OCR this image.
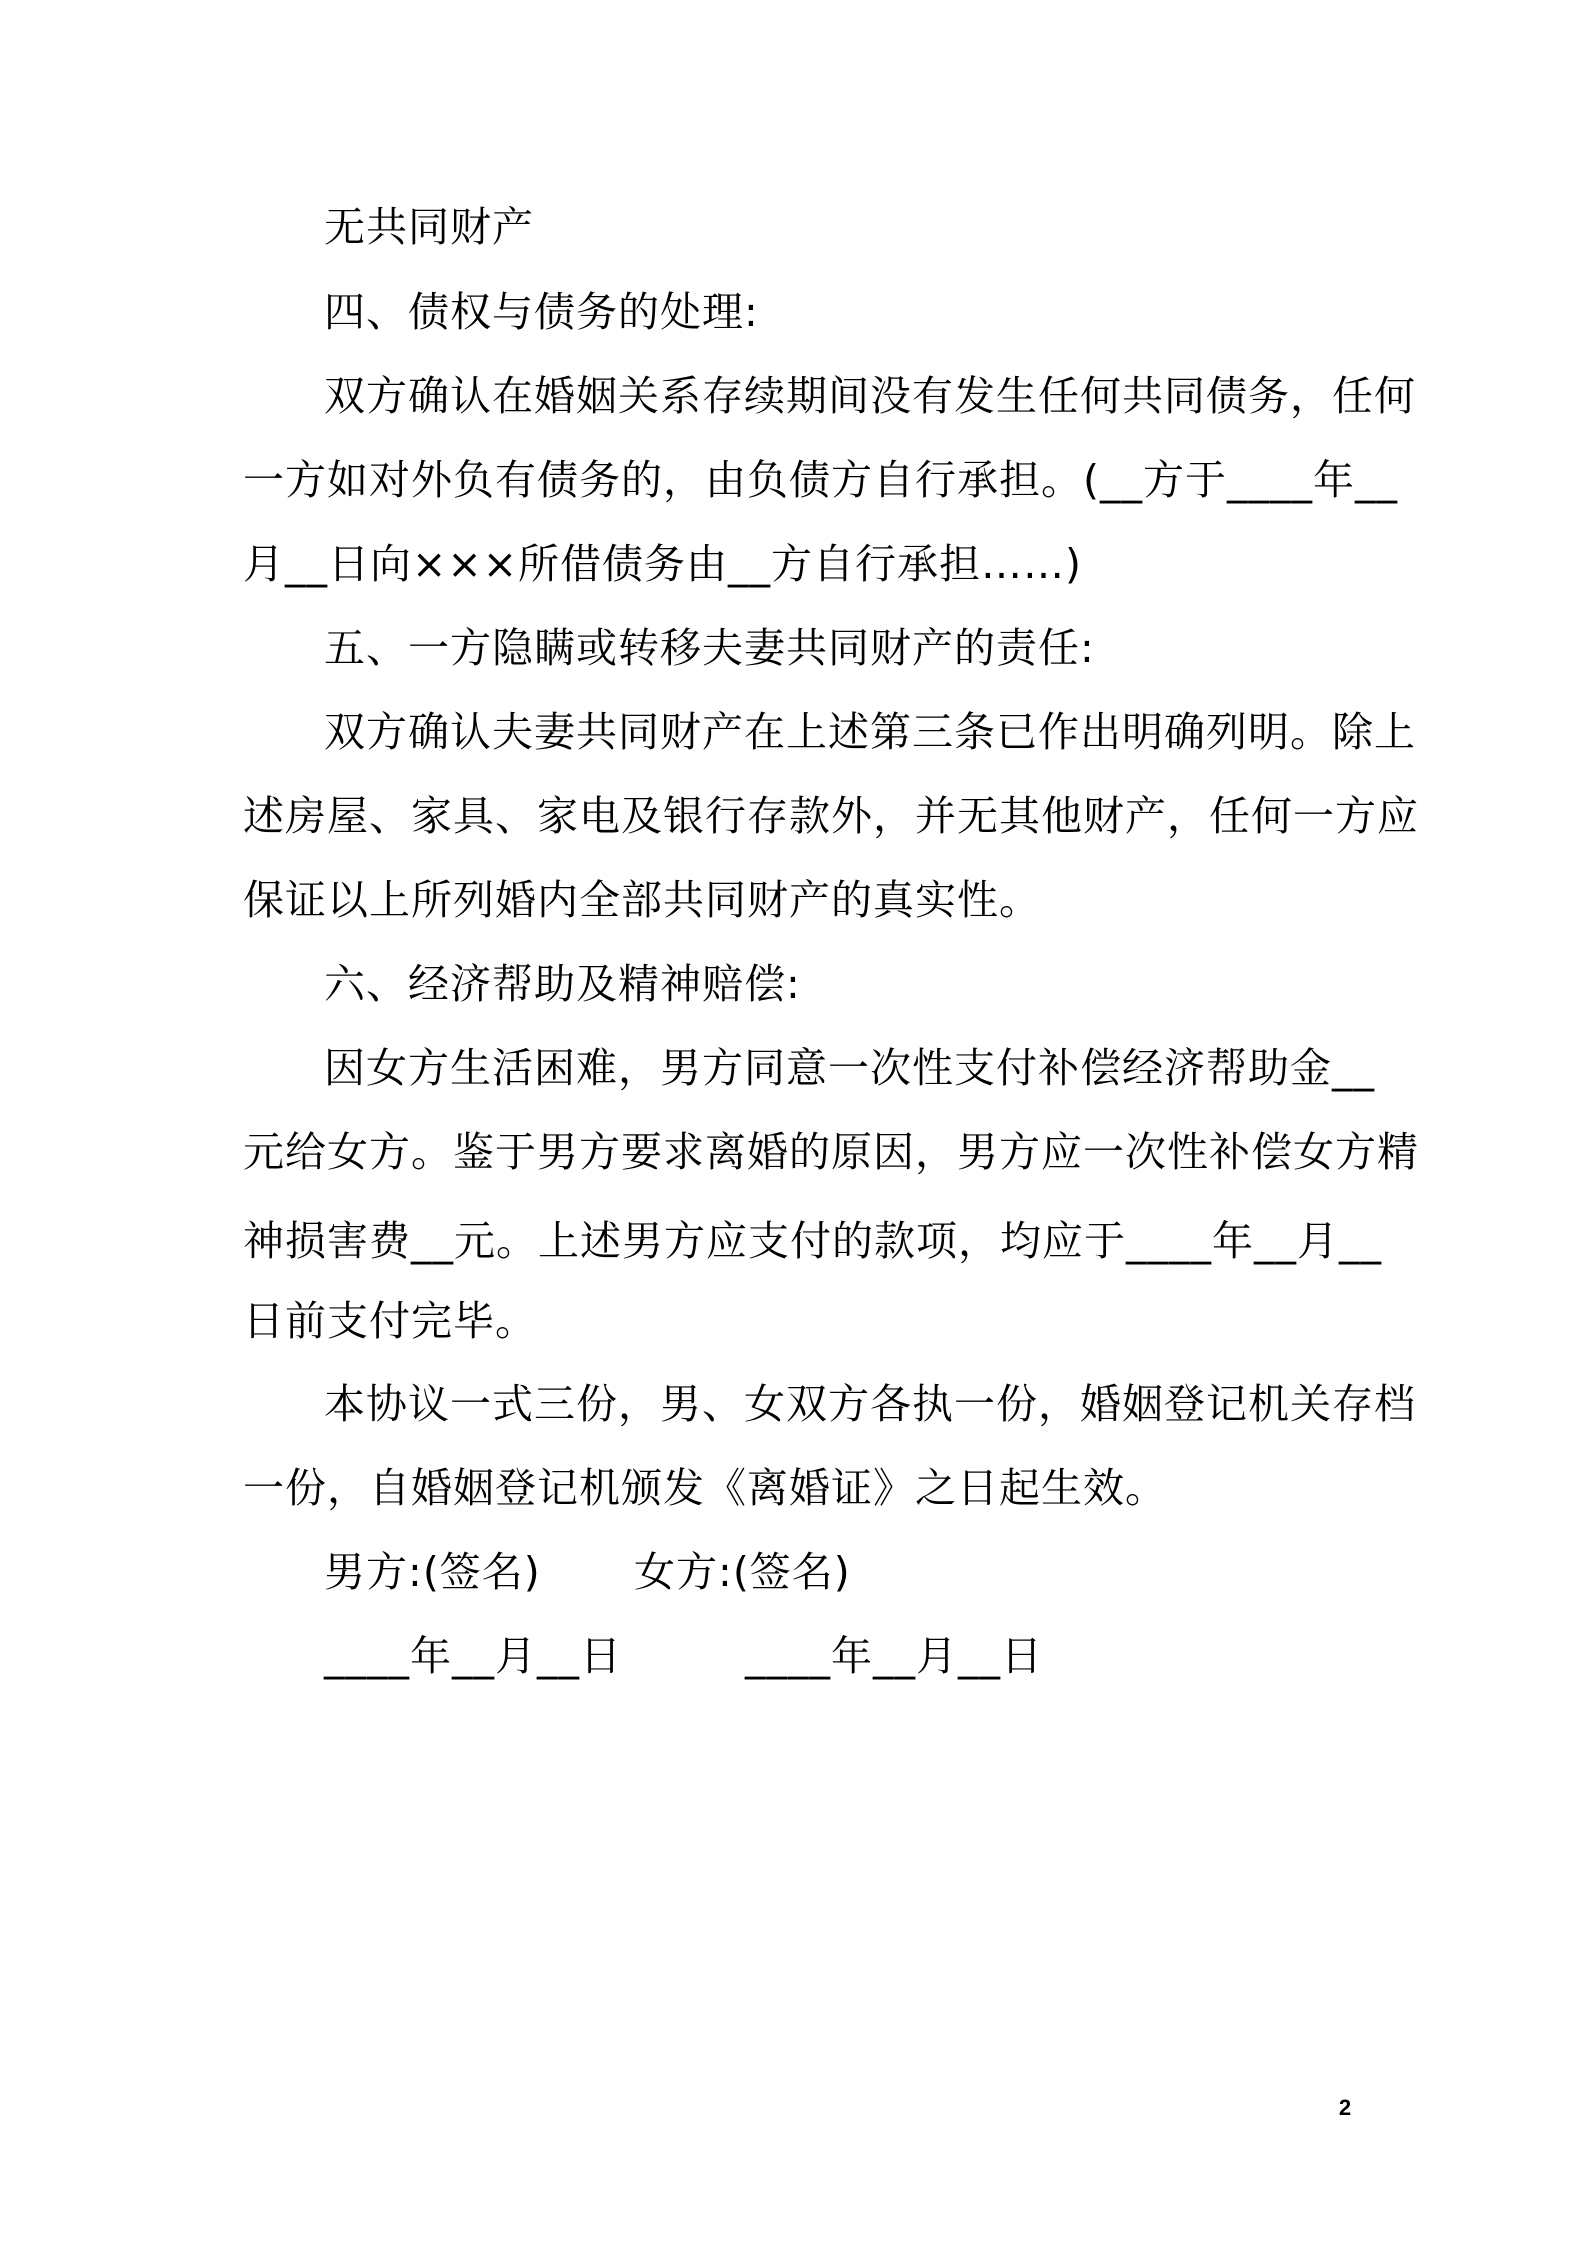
无共同财产
四、债权与债务的处理:
双方确认在婚姻关系存续期间没有发生任何共同债务，任何
一方如对外负有债务的，由负债方自行承担。(__方于____年__
月__日向×××所借债务由__方自行承担……)
五、一方隐瞒或转移夫妻共同财产的责任:
双方确认夫妻共同财产在上述第三条已作出明确列明。除上
述房屋、家具、家电及银行存款外，并无其他财产，任何一方应
保证以上所列婚内全部共同财产的真实性。
六、经济帮助及精神赔偿:
因女方生活困难，男方同意一次性支付补偿经济帮助金__
元给女方。鉴于男方要求离婚的原因，男方应一次性补偿女方精
神损害费__元。上述男方应支付的款项，均应于____年__月__
日前支付完毕。
本协议一式三份，男、女双方各执一份，婚姻登记机关存档
一份，自婚姻登记机颁发《离婚证》之日起生效。
男方:(签名) 女方:(签名)
____年__月__日	____年__月__日
2
